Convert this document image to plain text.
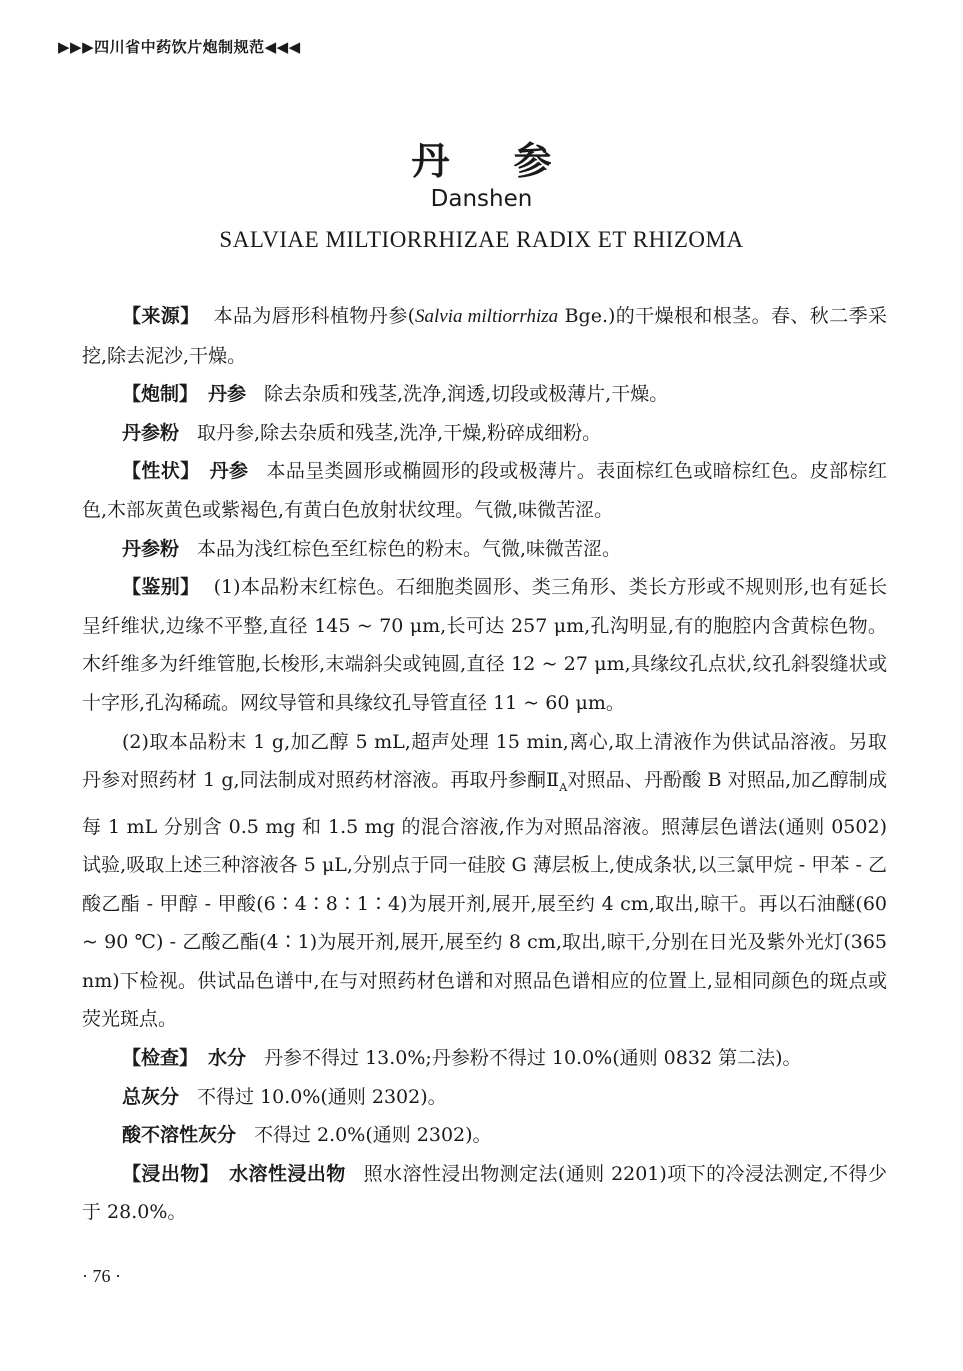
▶▶▶四川省中药饮片炮制规范◀◀◀
丹参
Danshen
SALVIAE MILTIORRHIZAE RADIX ET RHIZOMA

【来源】 本品为唇形科植物丹参(Salvia miltiorrhiza Bge.)的干燥根和根茎。春、秋二季采挖,除去泥沙,干燥。

【炮制】 丹参 除去杂质和残茎,洗净,润透,切段或极薄片,干燥。

丹参粉 取丹参,除去杂质和残茎,洗净,干燥,粉碎成细粉。

【性状】 丹参 本品呈类圆形或椭圆形的段或极薄片。表面棕红色或暗棕红色。皮部棕红色,木部灰黄色或紫褐色,有黄白色放射状纹理。气微,味微苦涩。

丹参粉 本品为浅红棕色至红棕色的粉末。气微,味微苦涩。

【鉴别】 (1)本品粉末红棕色。石细胞类圆形、类三角形、类长方形或不规则形,也有延长呈纤维状,边缘不平整,直径 145 ~ 70 μm,长可达 257 μm,孔沟明显,有的胞腔内含黄棕色物。木纤维多为纤维管胞,长梭形,末端斜尖或钝圆,直径 12 ~ 27 μm,具缘纹孔点状,纹孔斜裂缝状或十字形,孔沟稀疏。网纹导管和具缘纹孔导管直径 11 ~ 60 μm。

(2)取本品粉末 1 g,加乙醇 5 mL,超声处理 15 min,离心,取上清液作为供试品溶液。另取丹参对照药材 1 g,同法制成对照药材溶液。再取丹参酮$Ⅱ_A$对照品、丹酚酸 B 对照品,加乙醇制成每 1 mL 分别含 0.5 mg 和 1.5 mg 的混合溶液,作为对照品溶液。照薄层色谱法(通则 0502)试验,吸取上述三种溶液各 5 μL,分别点于同一硅胶 G 薄层板上,使成条状,以三氯甲烷 - 甲苯 - 乙酸乙酯 - 甲醇 - 甲酸(6∶4∶8∶1∶4)为展开剂,展开,展至约 4 cm,取出,晾干。再以石油醚(60 ~ 90 ℃) - 乙酸乙酯(4∶1)为展开剂,展开,展至约 8 cm,取出,晾干,分别在日光及紫外光灯(365 nm)下检视。供试品色谱中,在与对照药材色谱和对照品色谱相应的位置上,显相同颜色的斑点或荧光斑点。

【检查】 水分 丹参不得过 13.0%;丹参粉不得过 10.0%(通则 0832 第二法)。

总灰分 不得过 10.0%(通则 2302)。

酸不溶性灰分 不得过 2.0%(通则 2302)。

【浸出物】 水溶性浸出物 照水溶性浸出物测定法(通则 2201)项下的冷浸法测定,不得少于 28.0%。

· 76 ·
